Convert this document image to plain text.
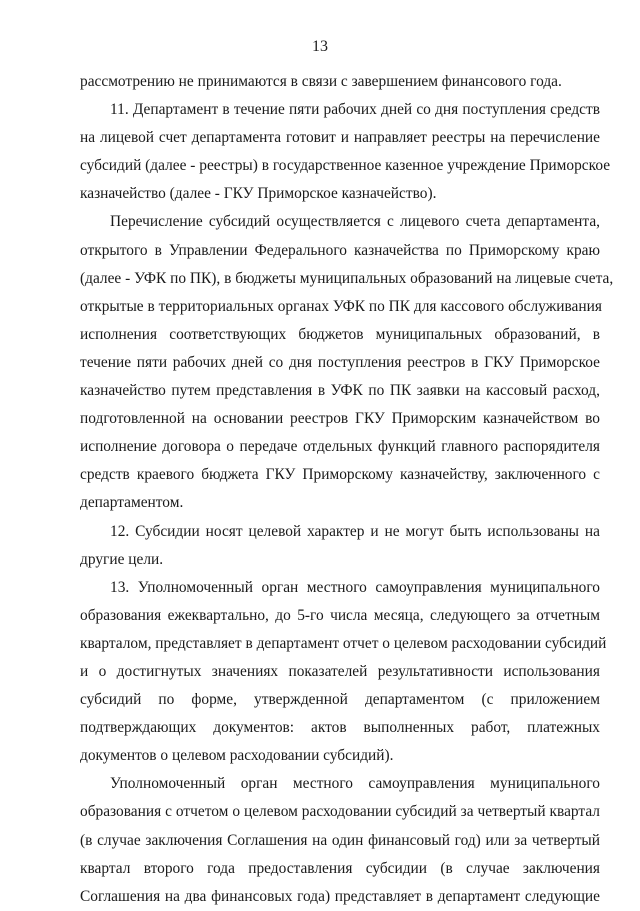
13
рассмотрению не принимаются в связи с завершением финансового года.
11. Департамент в течение пяти рабочих дней со дня поступления средств
на лицевой счет департамента готовит и направляет реестры на перечисление
субсидий (далее - реестры) в государственное казенное учреждение Приморское
казначейство (далее - ГКУ Приморское казначейство).
Перечисление субсидий осуществляется с лицевого счета департамента,
открытого в Управлении Федерального казначейства по Приморскому краю
(далее - УФК по ПК), в бюджеты муниципальных образований на лицевые счета,
открытые в территориальных органах УФК по ПК для кассового обслуживания
исполнения соответствующих бюджетов муниципальных образований, в
течение пяти рабочих дней со дня поступления реестров в ГКУ Приморское
казначейство путем представления в УФК по ПК заявки на кассовый расход,
подготовленной на основании реестров ГКУ Приморским казначейством во
исполнение договора о передаче отдельных функций главного распорядителя
средств краевого бюджета ГКУ Приморскому казначейству, заключенного с
департаментом.
12. Субсидии носят целевой характер и не могут быть использованы на
другие цели.
13. Уполномоченный орган местного самоуправления муниципального
образования ежеквартально, до 5-го числа месяца, следующего за отчетным
кварталом, представляет в департамент отчет о целевом расходовании субсидий
и о достигнутых значениях показателей результативности использования
субсидий по форме, утвержденной департаментом (с приложением
подтверждающих документов: актов выполненных работ, платежных
документов о целевом расходовании субсидий).
Уполномоченный орган местного самоуправления муниципального
образования с отчетом о целевом расходовании субсидий за четвертый квартал
(в случае заключения Соглашения на один финансовый год) или за четвертый
квартал второго года предоставления субсидии (в случае заключения
Соглашения на два финансовых года) представляет в департамент следующие
